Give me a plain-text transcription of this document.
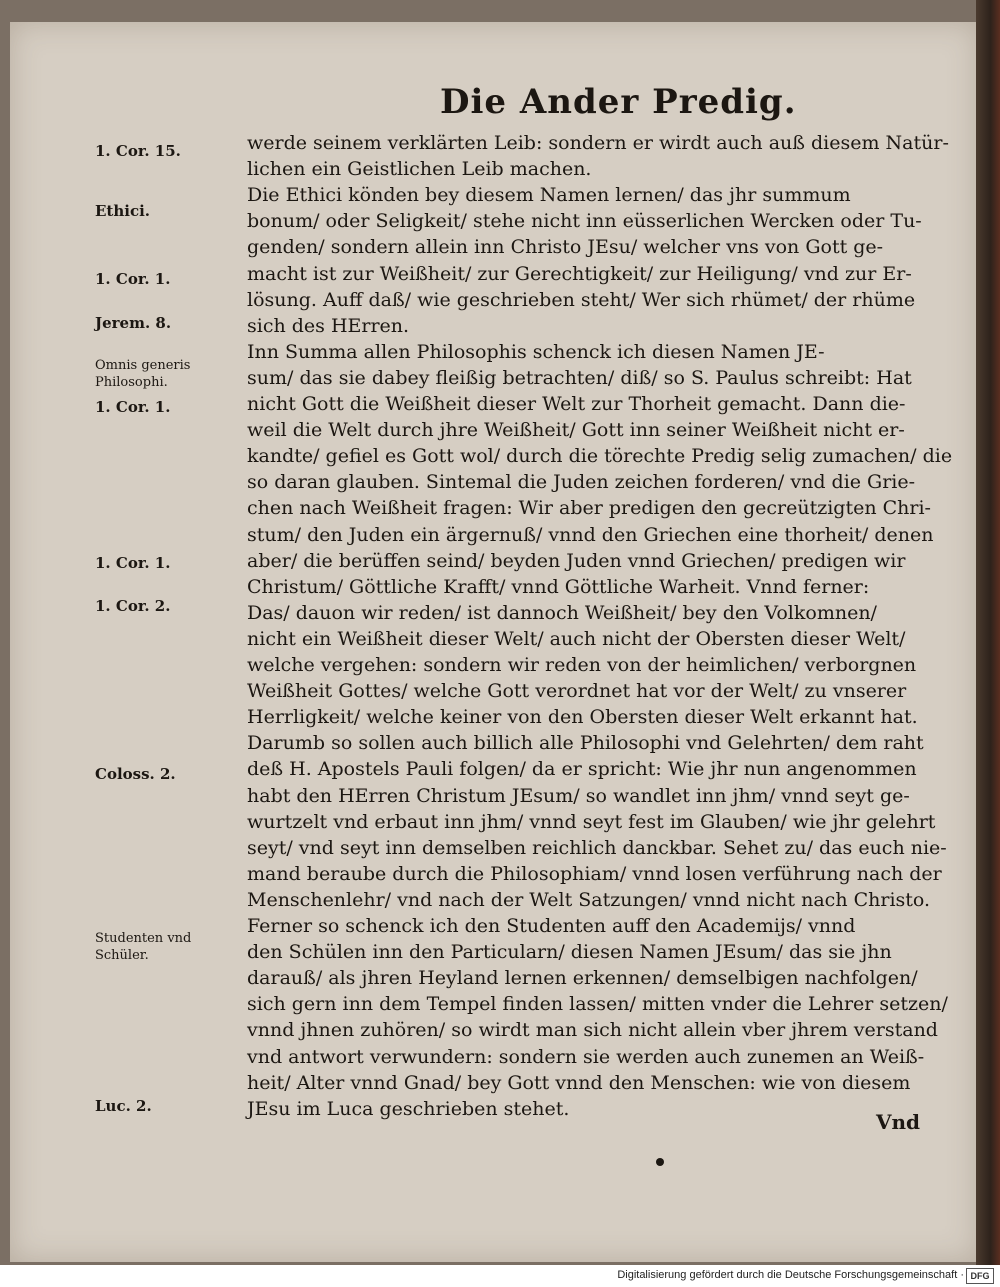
Die Ander Predig.
1. Cor. 15.
Ethici.
1. Cor. 1.
Jerem. 8.
Omnis generis Philosophi.
1. Cor. 1.
1. Cor. 1.
1. Cor. 2.
Coloss. 2.
Studenten vnd Schüler.
Luc. 2.
werde seinem verklärten Leib: sondern er wirdt auch auß diesem Natür-
lichen ein Geistlichen Leib machen.
Die Ethici könden bey diesem Namen lernen/ das jhr summum
bonum/ oder Seligkeit/ stehe nicht inn eüsserlichen Wercken oder Tu-
genden/ sondern allein inn Christo JEsu/ welcher vns von Gott ge-
macht ist zur Weißheit/ zur Gerechtigkeit/ zur Heiligung/ vnd zur Er-
lösung. Auff daß/ wie geschrieben steht/ Wer sich rhümet/ der rhüme
sich des HErren.
Inn Summa allen Philosophis schenck ich diesen Namen JE-
sum/ das sie dabey fleißig betrachten/ diß/ so S. Paulus schreibt: Hat
nicht Gott die Weißheit dieser Welt zur Thorheit gemacht. Dann die-
weil die Welt durch jhre Weißheit/ Gott inn seiner Weißheit nicht er-
kandte/ gefiel es Gott wol/ durch die törechte Predig selig zumachen/ die
so daran glauben. Sintemal die Juden zeichen forderen/ vnd die Grie-
chen nach Weißheit fragen: Wir aber predigen den gecreützigten Chri-
stum/ den Juden ein ärgernuß/ vnnd den Griechen eine thorheit/ denen
aber/ die berüffen seind/ beyden Juden vnnd Griechen/ predigen wir
Christum/ Göttliche Krafft/ vnnd Göttliche Warheit. Vnnd ferner:
Das/ dauon wir reden/ ist dannoch Weißheit/ bey den Volkomnen/
nicht ein Weißheit dieser Welt/ auch nicht der Obersten dieser Welt/
welche vergehen: sondern wir reden von der heimlichen/ verborgnen
Weißheit Gottes/ welche Gott verordnet hat vor der Welt/ zu vnserer
Herrligkeit/ welche keiner von den Obersten dieser Welt erkannt hat.
Darumb so sollen auch billich alle Philosophi vnd Gelehrten/ dem raht
deß H. Apostels Pauli folgen/ da er spricht: Wie jhr nun angenommen
habt den HErren Christum JEsum/ so wandlet inn jhm/ vnnd seyt ge-
wurtzelt vnd erbaut inn jhm/ vnnd seyt fest im Glauben/ wie jhr gelehrt
seyt/ vnd seyt inn demselben reichlich danckbar. Sehet zu/ das euch nie-
mand beraube durch die Philosophiam/ vnnd losen verführung nach der
Menschenlehr/ vnd nach der Welt Satzungen/ vnnd nicht nach Christo.
Ferner so schenck ich den Studenten auff den Academijs/ vnnd
den Schülen inn den Particularn/ diesen Namen JEsum/ das sie jhn
darauß/ als jhren Heyland lernen erkennen/ demselbigen nachfolgen/
sich gern inn dem Tempel finden lassen/ mitten vnder die Lehrer setzen/
vnnd jhnen zuhören/ so wirdt man sich nicht allein vber jhrem verstand
vnd antwort verwundern: sondern sie werden auch zunemen an Weiß-
heit/ Alter vnnd Gnad/ bey Gott vnnd den Menschen: wie von diesem
JEsu im Luca geschrieben stehet.
Vnd
Digitalisierung gefördert durch die Deutsche Forschungsgemeinschaft · DFG
